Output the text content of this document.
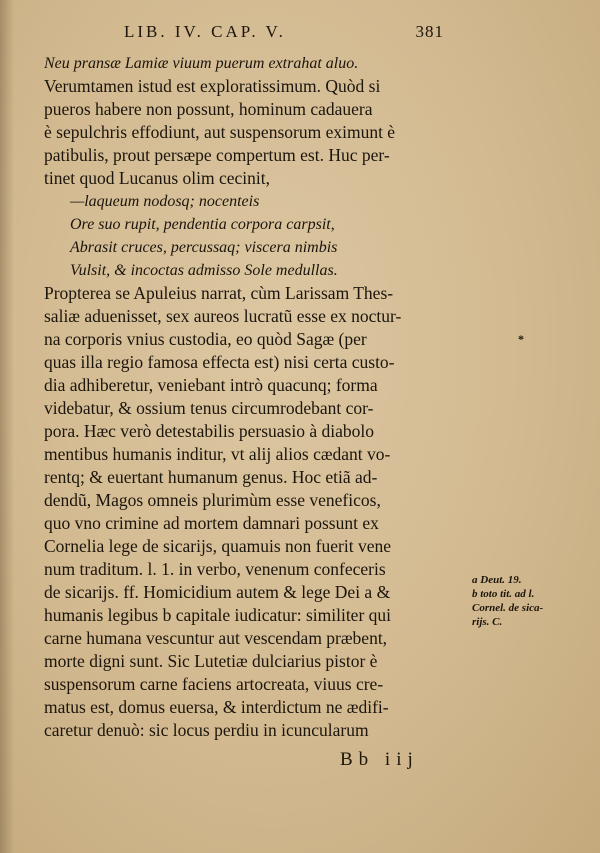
LIB. IV. CAP. V.	381
Neu pransæ Lamiæ viuum puerum extrahat aluo.
Verumtamen istud est exploratissimum. Quòd si
pueros habere non possunt, hominum cadauera
è sepulchris effodiunt, aut suspensorum eximunt è
patibulis, prout persæpe compertum est. Huc per-
tinet quod Lucanus olim cecinit,
—laqueum nodosq; nocenteis
Ore suo rupit, pendentia corpora carpsit,
Abrasit cruces, percussaq; viscera nimbis
Vulsit, & incoctas admisso Sole medullas.
Propterea se Apuleius narrat, cùm Larissam Thes-
saliæ aduenisset, sex aureos lucratũ esse ex noctur-
na corporis vnius custodia, eo quòd Sagæ (per
quas illa regio famosa effecta est) nisi certa custo-
dia adhiberetur, veniebant intrò quacunq; forma
videbatur, & ossium tenus circumrodebant cor-
pora. Hæc verò detestabilis persuasio à diabolo
mentibus humanis inditur, vt alij alios cædant vo-
rentq; & euertant humanum genus. Hoc etiã ad-
dendũ, Magos omneis plurimùm esse veneficos,
quo vno crimine ad mortem damnari possunt ex
Cornelia lege de sicarijs, quamuis non fuerit vene
num traditum. l. 1. in verbo, venenum confeceris
de sicarijs. ff. Homicidium autem & lege Dei a &
humanis legibus b capitale iudicatur: similiter qui
carne humana vescuntur aut vescendam præbent,
morte digni sunt. Sic Lutetiæ dulciarius pistor è
suspensorum carne faciens artocreata, viuus cre-
matus est, domus euersa, & interdictum ne ædifi-
caretur denuò: sic locus perdiu in icuncularum
*
a Deut. 19.
b toto tit. ad l.
Cornel. de sica-
rijs. C.
Bb iij
